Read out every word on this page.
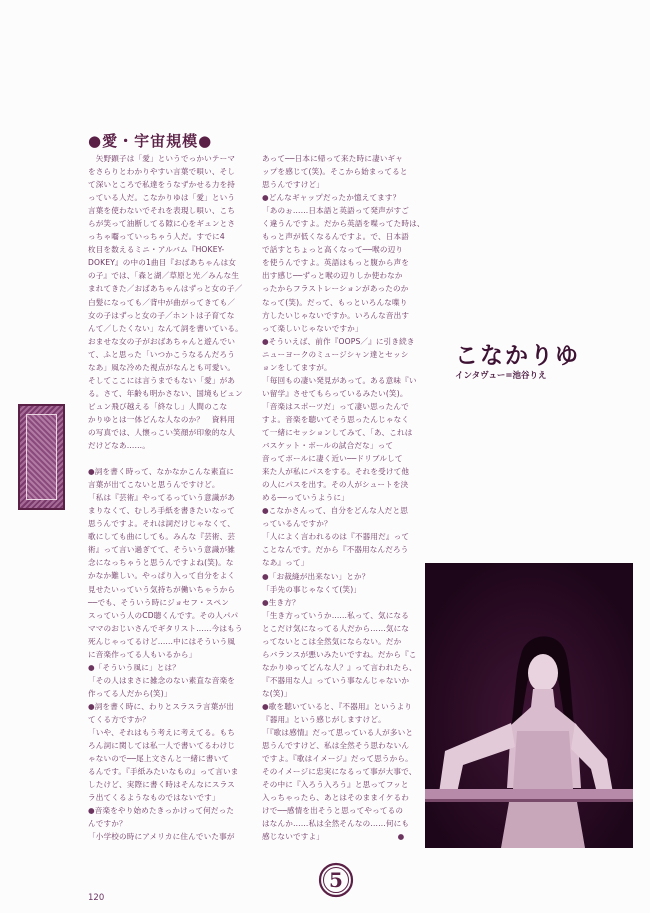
●愛・宇宙規模●

　矢野顕子は「愛」というでっかいテーマ

をさらりとわかりやすい言葉で唄い、そし

て深いところで私達をうなずかせる力を持

っている人だ。こなかりゆは「愛」という

言葉を使わないでそれを表現し唄い、こち

らが笑って油断してる隙に心をギュンとさ

っちゃ囓っていっちゃう人だ。すでに4

枚目を数えるミニ・アルバム『HOKEY-

DOKEY』の中の1曲目『おばあちゃんは女

の子』では、「森と湖／草原と光／みんな生

まれてきた／おばあちゃんはずっと女の子／

白髪になっても／背中が曲がってきても／

女の子はずっと女の子／ホントは子育てな

んて／したくない」なんて詞を書いている。

おませな女の子がおばあちゃんと遊んでい

て、ふと思った「いつかこうなるんだろう

なあ」風な冷めた視点がなんとも可愛い。

そしてここには言うまでもない「愛」があ

る。さて、年齢も明かさない、国境もビュン

ビュン飛び越える「終なし」人間のこな

かりゆとは一体どんな人なのか？　資料用

の写真では、人懐っこい笑顔が印象的な人

だけどなあ……。

●詞を書く時って、なかなかこんな素直に

言葉が出てこないと思うんですけど。

「私は『芸術』やってるっていう意識があ

まりなくて、むしろ手紙を書きたいなって

思うんですよ。それは詞だけじゃなくて、

歌にしても曲にしても。みんな『芸術、芸

術』って言い過ぎてて、そういう意識が雑

念になっちゃうと思うんですよね(笑)。な

かなか難しい。やっぱり入って自分をよく

見せたいっていう気持ちが働いちゃうから

──でも、そういう時にジョセフ・スペン

スっていう人のCD聴くんです。その人パパ

ママのおじいさんでギタリスト……今はもう

死んじゃってるけど……中にはそういう風

に音楽作ってる人もいるから」

●「そういう風に」とは？

「その人はまさに雑念のない素直な音楽を

作ってる人だから(笑)」

●詞を書く時に、わりとスラスラ言葉が出

てくる方ですか？

「いや、それはもう考えに考えてる。もち

ろん詞に関しては私一人で書いてるわけじ

ゃないので──尾上文さんと一緒に書いて

るんです。『手紙みたいなもの』って言いま

したけど、実際に書く時はそんなにスラス

ラ出てくるようなものではないです」

●音楽をやり始めたきっかけって何だった

んですか？

「小学校の時にアメリカに住んでいた事が

あって──日本に帰って来た時に凄いギャ

ップを感じて(笑)。そこから始まってると

思うんですけど」

●どんなギャップだったか憶えてます？

「あのぉ……日本語と英語って発声がすご

く違うんですよ。だから英語を喋ってた時は、

もっと声が低くなるんですよ。で、日本語

で話すとちょっと高くなって──喉の辺り

を使うんですよ。英語はもっと腹から声を

出す感じ──ずっと喉の辺りしか使わなか

ったからフラストレーションがあったのか

なって(笑)。だって、もっといろんな喋り

方したいじゃないですか。いろんな音出す

って楽しいじゃないですか」

●そういえば、前作『OOPS／』に引き続き

ニューヨークのミュージシャン達とセッシ

ョンをしてますが。

「毎回もの凄い発見があって。ある意味『い

い留学』させてもらっているみたい(笑)。

「音楽はスポーツだ」って凄い思ったんで

すよ。音楽を聴いてそう思ったんじゃなく

て一緒にセッションしてみて、「あ、これは

バスケット・ボールの試合だな」って

音ってボールに凄く近い──ドリブルして

来た人が私にパスをする。それを受けて他

の人にパスを出す。その人がシュートを決

める──っていうように」

●こなかさんって、自分をどんな人だと思

っているんですか？

「人によく言われるのは『不器用だ』って

ことなんです。だから『不器用なんだろう

なあ』って」

●「お裁縫が出来ない」とか？

「手先の事じゃなくて(笑)」

●生き方？

「生き方っていうか……私って、気になる

とこだけ気になってる人だから……気にな

ってないとこは全然気にならない。だか

らバランスが悪いみたいですね。だから『こ

なかりゆってどんな人？』って言われたら、

『不器用な人』っていう事なんじゃないか

な(笑)」

●歌を聴いていると、『不器用』というより

『器用』という感じがしますけど。

「『歌は感情』だって思っている人が多いと

思うんですけど、私は全然そう思わないん

ですよ。『歌はイメージ』だって思うから。

そのイメージに忠実になるって事が大事で、

その中に『入ろう入ろう』と思ってフッと

入っちゃったら、あとはそのままイケるわ

けで──感情を出そうと思ってやってるの

はなんか……私は全然そんなの……何にも

感じないですよ」　　　　　　　　　　●

こなかりゆ
インタヴュー=池谷りえ
120
5
